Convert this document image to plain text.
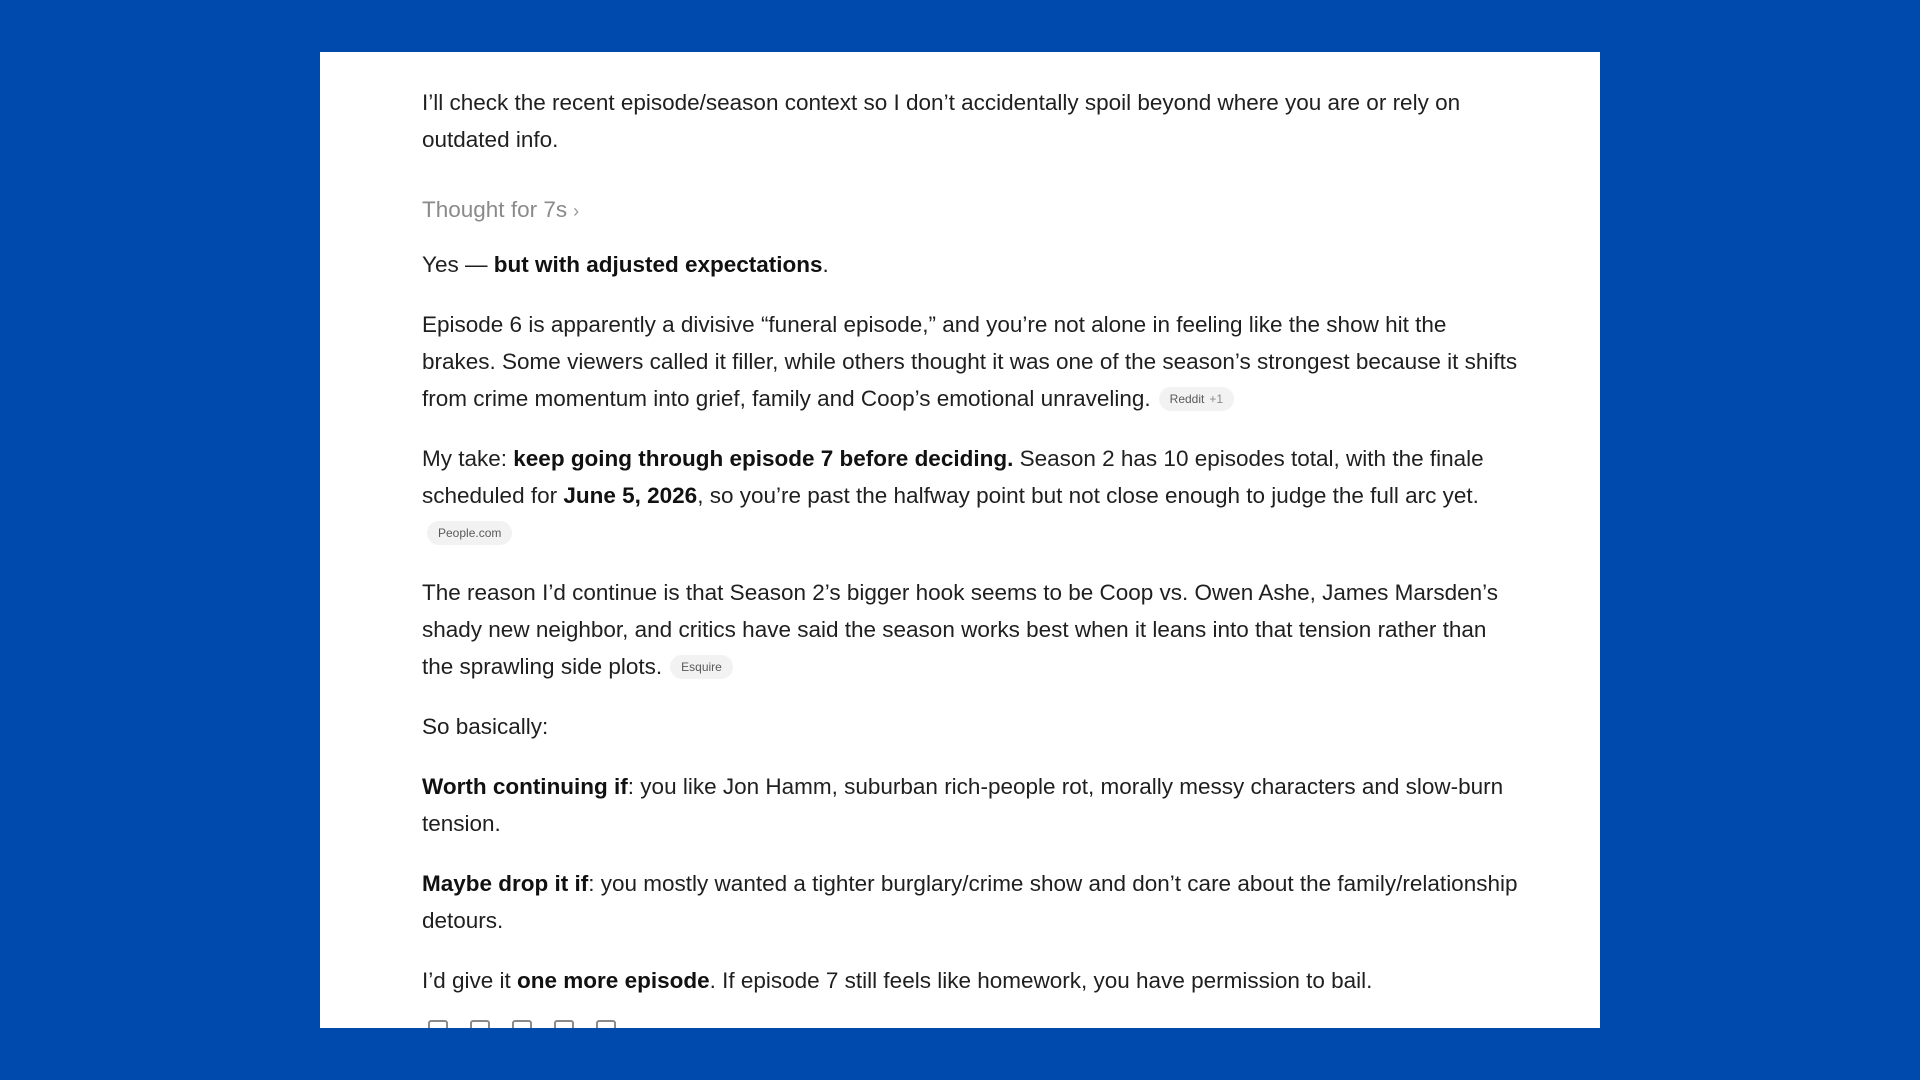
I’ll check the recent episode/season context so I don’t accidentally spoil beyond where you are or rely on outdated info.

Thought for 7s ›

Yes — but with adjusted expectations.

Episode 6 is apparently a divisive “funeral episode,” and you’re not alone in feeling like the show hit the brakes. Some viewers called it filler, while others thought it was one of the season’s strongest because it shifts from crime momentum into grief, family and Coop’s emotional unraveling. Reddit +1

My take: keep going through episode 7 before deciding. Season 2 has 10 episodes total, with the finale scheduled for June 5, 2026, so you’re past the halfway point but not close enough to judge the full arc yet.
People.com

The reason I’d continue is that Season 2’s bigger hook seems to be Coop vs. Owen Ashe, James Marsden’s shady new neighbor, and critics have said the season works best when it leans into that tension rather than the sprawling side plots. Esquire

So basically:

Worth continuing if: you like Jon Hamm, suburban rich-people rot, morally messy characters and slow-burn tension.

Maybe drop it if: you mostly wanted a tighter burglary/crime show and don’t care about the family/relationship detours.

I’d give it one more episode. If episode 7 still feels like homework, you have permission to bail.
